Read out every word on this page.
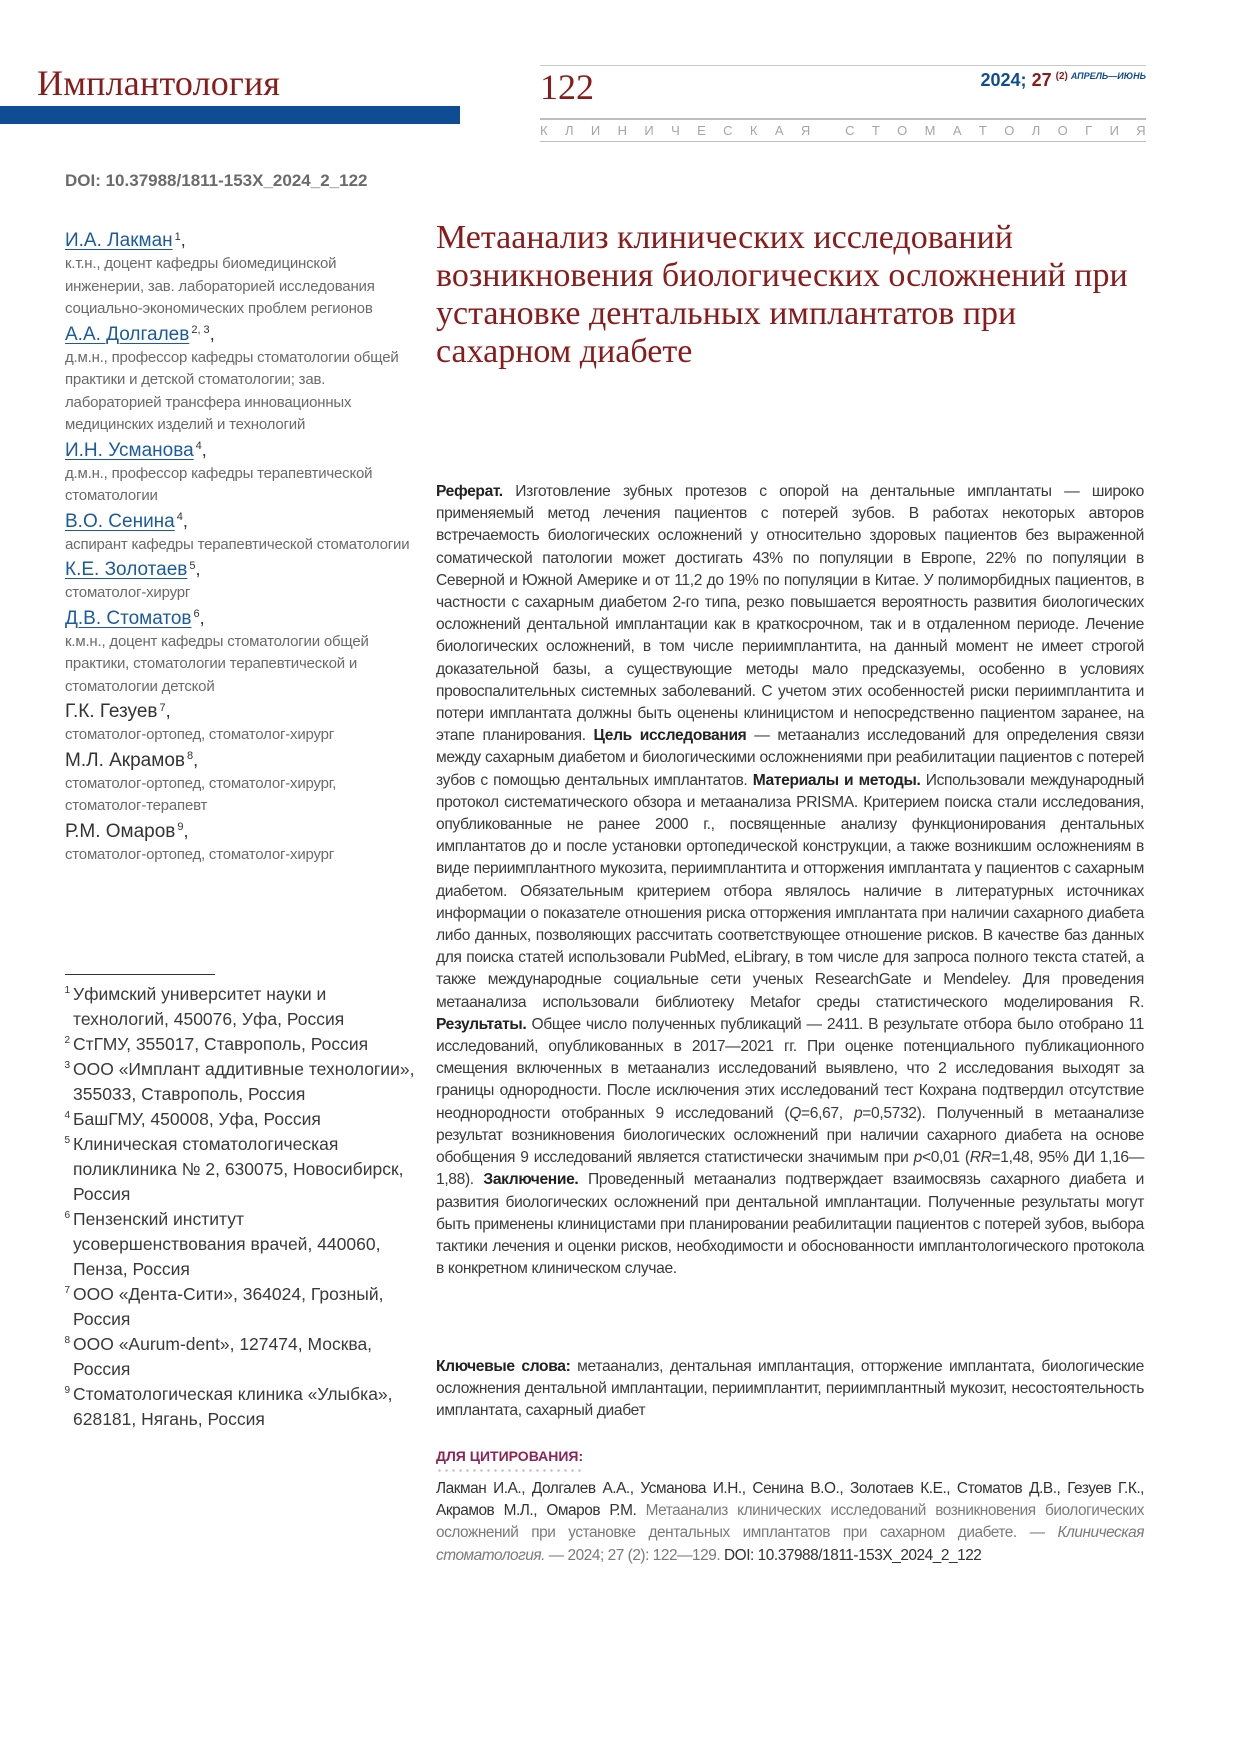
Имплантология	122	2024; 27 $^{(2)}$ $^{АПРЕЛЬ—ИЮНЬ}$
К Л И Н И Ч Е С К А Я	С Т О М А Т О Л О Г И Я
DOI: 10.37988/1811-153X_2024_2_122
И.А. Лакман $^1$,
к.т.н., доцент кафедры биомедицинской инженерии, зав. лабораторией исследования социально-экономических проблем регионов
А.А. Долгалев $^{2, 3}$,
д.м.н., профессор кафедры стоматологии общей практики и детской стоматологии; зав. лабораторией трансфера инновационных медицинских изделий и технологий
И.Н. Усманова $^4$,
д.м.н., профессор кафедры терапевтической стоматологии
В.О. Сенина $^4$,
аспирант кафедры терапевтической стоматологии
К.Е. Золотаев $^5$,
стоматолог-хирург
Д.В. Стоматов $^6$,
к.м.н., доцент кафедры стоматологии общей практики, стоматологии терапевтической и стоматологии детской
Г.К. Гезуев $^7$,
стоматолог-ортопед, стоматолог-хирург
М.Л. Акрамов $^8$,
стоматолог-ортопед, стоматолог-хирург, стоматолог-терапевт
Р.М. Омаров $^9$,
стоматолог-ортопед, стоматолог-хирург
1 Уфимский университет науки и технологий, 450076, Уфа, Россия
2 СтГМУ, 355017, Ставрополь, Россия
3 ООО «Имплант аддитивные технологии», 355033, Ставрополь, Россия
4 БашГМУ, 450008, Уфа, Россия
5 Клиническая стоматологическая поликлиника № 2, 630075, Новосибирск, Россия
6 Пензенский институт усовершенствования врачей, 440060, Пенза, Россия
7 ООО «Дента-Сити», 364024, Грозный, Россия
8 ООО «Aurum-dent», 127474, Москва, Россия
9 Стоматологическая клиника «Улыбка», 628181, Нягань, Россия
Метаанализ клинических исследований возникновения биологических осложнений при установке дентальных имплантатов при сахарном диабете
Реферат. Изготовление зубных протезов с опорой на дентальные имплантаты — широко применяемый метод лечения пациентов с потерей зубов. В работах некоторых авторов встречаемость биологических осложнений у относительно здоровых пациентов без выраженной соматической патологии может достигать 43% по популяции в Европе, 22% по популяции в Северной и Южной Америке и от 11,2 до 19% по популяции в Китае. У полиморбидных пациентов, в частности с сахарным диабетом 2-го типа, резко повышается вероятность развития биологических осложнений дентальной имплантации как в краткосрочном, так и в отдаленном периоде. Лечение биологических осложнений, в том числе периимплантита, на данный момент не имеет строгой доказательной базы, а существующие методы мало предсказуемы, особенно в условиях провоспалительных системных заболеваний. С учетом этих особенностей риски периимплантита и потери имплантата должны быть оценены клиницистом и непосредственно пациентом заранее, на этапе планирования. Цель исследования — метаанализ исследований для определения связи между сахарным диабетом и биологическими осложнениями при реабилитации пациентов с потерей зубов с помощью дентальных имплантатов. Материалы и методы. Использовали международный протокол систематического обзора и метаанализа PRISMA. Критерием поиска стали исследования, опубликованные не ранее 2000 г., посвященные анализу функционирования дентальных имплантатов до и после установки ортопедической конструкции, а также возникшим осложнениям в виде периимплантного мукозита, периимплантита и отторжения имплантата у пациентов с сахарным диабетом. Обязательным критерием отбора являлось наличие в литературных источниках информации о показателе отношения риска отторжения имплантата при наличии сахарного диабета либо данных, позволяющих рассчитать соответствующее отношение рисков. В качестве баз данных для поиска статей использовали PubMed, eLibrary, в том числе для запроса полного текста статей, а также международные социальные сети ученых ResearchGate и Mendeley. Для проведения метаанализа использовали библиотеку Metafor среды статистического моделирования R. Результаты. Общее число полученных публикаций — 2411. В результате отбора было отобрано 11 исследований, опубликованных в 2017—2021 гг. При оценке потенциального публикационного смещения включенных в метаанализ исследований выявлено, что 2 исследования выходят за границы однородности. После исключения этих исследований тест Кохрана подтвердил отсутствие неоднородности отобранных 9 исследований (Q=6,67, p=0,5732). Полученный в метаанализе результат возникновения биологических осложнений при наличии сахарного диабета на основе обобщения 9 исследований является статистически значимым при p<0,01 (RR=1,48, 95% ДИ 1,16—1,88). Заключение. Проведенный метаанализ подтверждает взаимосвязь сахарного диабета и развития биологических осложнений при дентальной имплантации. Полученные результаты могут быть применены клиницистами при планировании реабилитации пациентов с потерей зубов, выбора тактики лечения и оценки рисков, необходимости и обоснованности имплантологического протокола в конкретном клиническом случае.
Ключевые слова: метаанализ, дентальная имплантация, отторжение имплантата, биологические осложнения дентальной имплантации, периимплантит, периимплантный мукозит, несостоятельность имплантата, сахарный диабет
ДЛЯ ЦИТИРОВАНИЯ:
Лакман И.А., Долгалев А.А., Усманова И.Н., Сенина В.О., Золотаев К.Е., Стоматов Д.В., Гезуев Г.К., Акрамов М.Л., Омаров Р.М. Метаанализ клинических исследований возникновения биологических осложнений при установке дентальных имплантатов при сахарном диабете. — Клиническая стоматология. — 2024; 27 (2): 122—129. DOI: 10.37988/1811-153X_2024_2_122
